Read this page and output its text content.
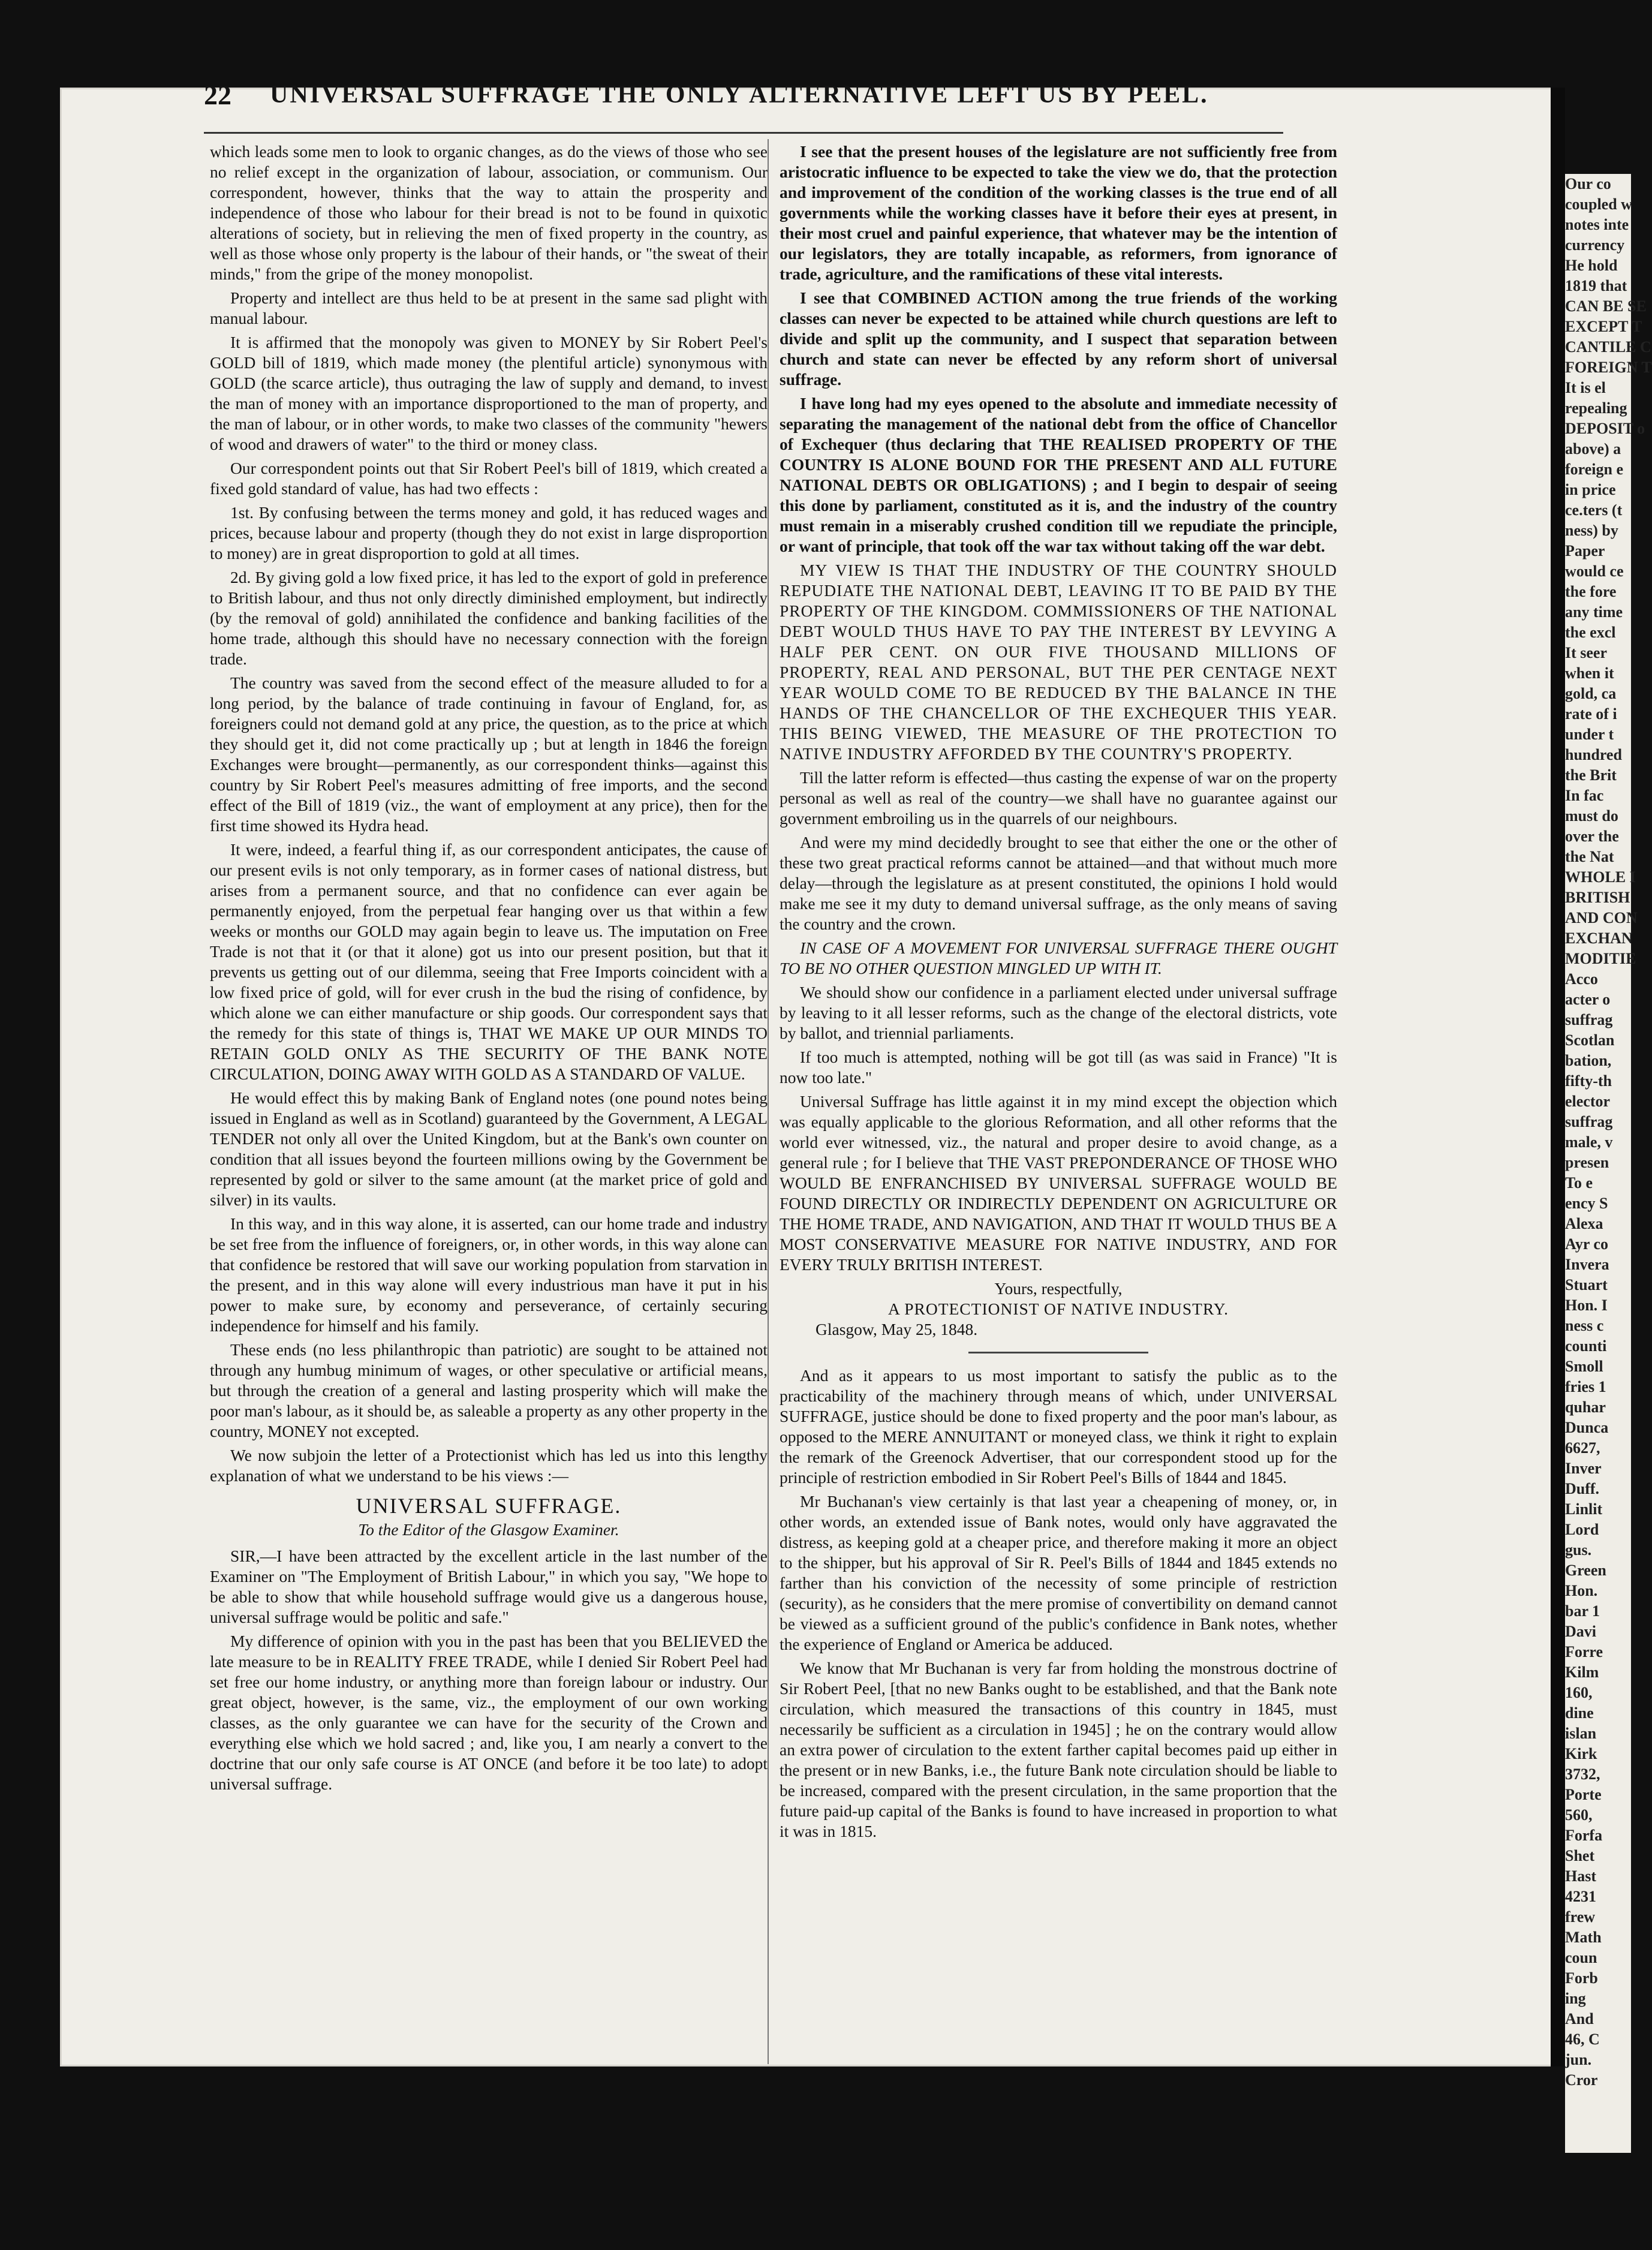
22	UNIVERSAL SUFFRAGE THE ONLY ALTERNATIVE LEFT US BY PEEL.

which leads some men to look to organic changes, as do the views of those who see no relief except in the organization of labour, association, or communism. Our correspondent, however, thinks that the way to attain the prosperity and independence of those who labour for their bread is not to be found in quixotic alterations of society, but in relieving the men of fixed property in the country, as well as those whose only property is the labour of their hands, or "the sweat of their minds," from the gripe of the money monopolist.

Property and intellect are thus held to be at present in the same sad plight with manual labour.

It is affirmed that the monopoly was given to MONEY by Sir Robert Peel's GOLD bill of 1819, which made money (the plentiful article) synonymous with GOLD (the scarce article), thus outraging the law of supply and demand, to invest the man of money with an importance disproportioned to the man of property, and the man of labour, or in other words, to make two classes of the community "hewers of wood and drawers of water" to the third or money class.

Our correspondent points out that Sir Robert Peel's bill of 1819, which created a fixed gold standard of value, has had two effects :

1st. By confusing between the terms money and gold, it has reduced wages and prices, because labour and property (though they do not exist in large disproportion to money) are in great disproportion to gold at all times.

2d. By giving gold a low fixed price, it has led to the export of gold in preference to British labour, and thus not only directly diminished employment, but indirectly (by the removal of gold) annihilated the confidence and banking facilities of the home trade, although this should have no necessary connection with the foreign trade.

The country was saved from the second effect of the measure alluded to for a long period, by the balance of trade continuing in favour of England, for, as foreigners could not demand gold at any price, the question, as to the price at which they should get it, did not come practically up ; but at length in 1846 the foreign Exchanges were brought—permanently, as our correspondent thinks—against this country by Sir Robert Peel's measures admitting of free imports, and the second effect of the Bill of 1819 (viz., the want of employment at any price), then for the first time showed its Hydra head.

It were, indeed, a fearful thing if, as our correspondent anticipates, the cause of our present evils is not only temporary, as in former cases of national distress, but arises from a permanent source, and that no confidence can ever again be permanently enjoyed, from the perpetual fear hanging over us that within a few weeks or months our GOLD may again begin to leave us. The imputation on Free Trade is not that it (or that it alone) got us into our present position, but that it prevents us getting out of our dilemma, seeing that Free Imports coincident with a low fixed price of gold, will for ever crush in the bud the rising of confidence, by which alone we can either manufacture or ship goods. Our correspondent says that the remedy for this state of things is, THAT WE MAKE UP OUR MINDS TO RETAIN GOLD ONLY AS THE SECURITY OF THE BANK NOTE CIRCULATION, DOING AWAY WITH GOLD AS A STANDARD OF VALUE.

He would effect this by making Bank of England notes (one pound notes being issued in England as well as in Scotland) guaranteed by the Government, A LEGAL TENDER not only all over the United Kingdom, but at the Bank's own counter on condition that all issues beyond the fourteen millions owing by the Government be represented by gold or silver to the same amount (at the market price of gold and silver) in its vaults.

In this way, and in this way alone, it is asserted, can our home trade and industry be set free from the influence of foreigners, or, in other words, in this way alone can that confidence be restored that will save our working population from starvation in the present, and in this way alone will every industrious man have it put in his power to make sure, by economy and perseverance, of certainly securing independence for himself and his family.

These ends (no less philanthropic than patriotic) are sought to be attained not through any humbug minimum of wages, or other speculative or artificial means, but through the creation of a general and lasting prosperity which will make the poor man's labour, as it should be, as saleable a property as any other property in the country, MONEY not excepted.

We now subjoin the letter of a Protectionist which has led us into this lengthy explanation of what we understand to be his views :—

UNIVERSAL SUFFRAGE.
To the Editor of the Glasgow Examiner.

SIR,—I have been attracted by the excellent article in the last number of the Examiner on "The Employment of British Labour," in which you say, "We hope to be able to show that while household suffrage would give us a dangerous house, universal suffrage would be politic and safe."

My difference of opinion with you in the past has been that you BELIEVED the late measure to be in REALITY FREE TRADE, while I denied Sir Robert Peel had set free our home industry, or anything more than foreign labour or industry. Our great object, however, is the same, viz., the employment of our own working classes, as the only guarantee we can have for the security of the Crown and everything else which we hold sacred ; and, like you, I am nearly a convert to the doctrine that our only safe course is AT ONCE (and before it be too late) to adopt universal suffrage.

I see that the present houses of the legislature are not sufficiently free from aristocratic influence to be expected to take the view we do, that the protection and improvement of the condition of the working classes is the true end of all governments while the working classes have it before their eyes at present, in their most cruel and painful experience, that whatever may be the intention of our legislators, they are totally incapable, as reformers, from ignorance of trade, agriculture, and the ramifications of these vital interests.

I see that COMBINED ACTION among the true friends of the working classes can never be expected to be attained while church questions are left to divide and split up the community, and I suspect that separation between church and state can never be effected by any reform short of universal suffrage.

I have long had my eyes opened to the absolute and immediate necessity of separating the management of the national debt from the office of Chancellor of Exchequer (thus declaring that THE REALISED PROPERTY OF THE COUNTRY IS ALONE BOUND FOR THE PRESENT AND ALL FUTURE NATIONAL DEBTS OR OBLIGATIONS) ; and I begin to despair of seeing this done by parliament, constituted as it is, and the industry of the country must remain in a miserably crushed condition till we repudiate the principle, or want of principle, that took off the war tax without taking off the war debt.

MY VIEW IS THAT THE INDUSTRY OF THE COUNTRY SHOULD REPUDIATE THE NATIONAL DEBT, LEAVING IT TO BE PAID BY THE PROPERTY OF THE KINGDOM. COMMISSIONERS OF THE NATIONAL DEBT WOULD THUS HAVE TO PAY THE INTEREST BY LEVYING A HALF PER CENT. ON OUR FIVE THOUSAND MILLIONS OF PROPERTY, REAL AND PERSONAL, BUT THE PER CENTAGE NEXT YEAR WOULD COME TO BE REDUCED BY THE BALANCE IN THE HANDS OF THE CHANCELLOR OF THE EXCHEQUER THIS YEAR. THIS BEING VIEWED, THE MEASURE OF THE PROTECTION TO NATIVE INDUSTRY AFFORDED BY THE COUNTRY'S PROPERTY.

Till the latter reform is effected—thus casting the expense of war on the property personal as well as real of the country—we shall have no guarantee against our government embroiling us in the quarrels of our neighbours.

And were my mind decidedly brought to see that either the one or the other of these two great practical reforms cannot be attained—and that without much more delay—through the legislature as at present constituted, the opinions I hold would make me see it my duty to demand universal suffrage, as the only means of saving the country and the crown.

IN CASE OF A MOVEMENT FOR UNIVERSAL SUFFRAGE THERE OUGHT TO BE NO OTHER QUESTION MINGLED UP WITH IT.

We should show our confidence in a parliament elected under universal suffrage by leaving to it all lesser reforms, such as the change of the electoral districts, vote by ballot, and triennial parliaments.

If too much is attempted, nothing will be got till (as was said in France) "It is now too late."

Universal Suffrage has little against it in my mind except the objection which was equally applicable to the glorious Reformation, and all other reforms that the world ever witnessed, viz., the natural and proper desire to avoid change, as a general rule ; for I believe that THE VAST PREPONDERANCE OF THOSE WHO WOULD BE ENFRANCHISED BY UNIVERSAL SUFFRAGE WOULD BE FOUND DIRECTLY OR INDIRECTLY DEPENDENT ON AGRICULTURE OR THE HOME TRADE, AND NAVIGATION, AND THAT IT WOULD THUS BE A MOST CONSERVATIVE MEASURE FOR NATIVE INDUSTRY, AND FOR EVERY TRULY BRITISH INTEREST.

Yours, respectfully,
A PROTECTIONIST OF NATIVE INDUSTRY.
Glasgow, May 25, 1848.

And as it appears to us most important to satisfy the public as to the practicability of the machinery through means of which, under UNIVERSAL SUFFRAGE, justice should be done to fixed property and the poor man's labour, as opposed to the MERE ANNUITANT or moneyed class, we think it right to explain the remark of the Greenock Advertiser, that our correspondent stood up for the principle of restriction embodied in Sir Robert Peel's Bills of 1844 and 1845.

Mr Buchanan's view certainly is that last year a cheapening of money, or, in other words, an extended issue of Bank notes, would only have aggravated the distress, as keeping gold at a cheaper price, and therefore making it more an object to the shipper, but his approval of Sir R. Peel's Bills of 1844 and 1845 extends no farther than his conviction of the necessity of some principle of restriction (security), as he considers that the mere promise of convertibility on demand cannot be viewed as a sufficient ground of the public's confidence in Bank notes, whether the experience of England or America be adduced.

We know that Mr Buchanan is very far from holding the monstrous doctrine of Sir Robert Peel, [that no new Banks ought to be established, and that the Bank note circulation, which measured the transactions of this country in 1845, must necessarily be sufficient as a circulation in 1945] ; he on the contrary would allow an extra power of circulation to the extent farther capital becomes paid up either in the present or in new Banks, i.e., the future Bank note circulation should be liable to be increased, compared with the present circulation, in the same proportion that the future paid-up capital of the Banks is found to have increased in proportion to what it was in 1815.

Our co
coupled w
notes inte
currency
He hold
1819 that
CAN BE SE
EXCEPT T
CANTILE C
FOREIGN T
It is el
repealing
DEPOSIT o
above) a
foreign e
in price
ce.ters (t
ness) by
Paper
would ce
the fore
any time
the excl
It seer
when it
gold, ca
rate of i
under t
hundred
the Brit
In fac
must do
over the
the Nat
WHOLE I
BRITISH
AND CON
EXCHAN
MODITIE
Acco
acter o
suffrag
Scotlan
bation,
fifty-th
elector
suffrag
male, v
presen
To e
ency S
Alexa
Ayr co
Invera
Stuart
Hon. I
ness c
counti
Smoll
fries 1
quhar
Dunca
6627,
Inver
Duff.
Linlit
Lord
gus.
Green
Hon.
bar 1
Davi
Forre
Kilm
160,
dine
islan
Kirk
3732,
Porte
560,
Forfa
Shet
Hast
4231
frew
Math
coun
Forb
ing
And
46, C
jun.
Cror
